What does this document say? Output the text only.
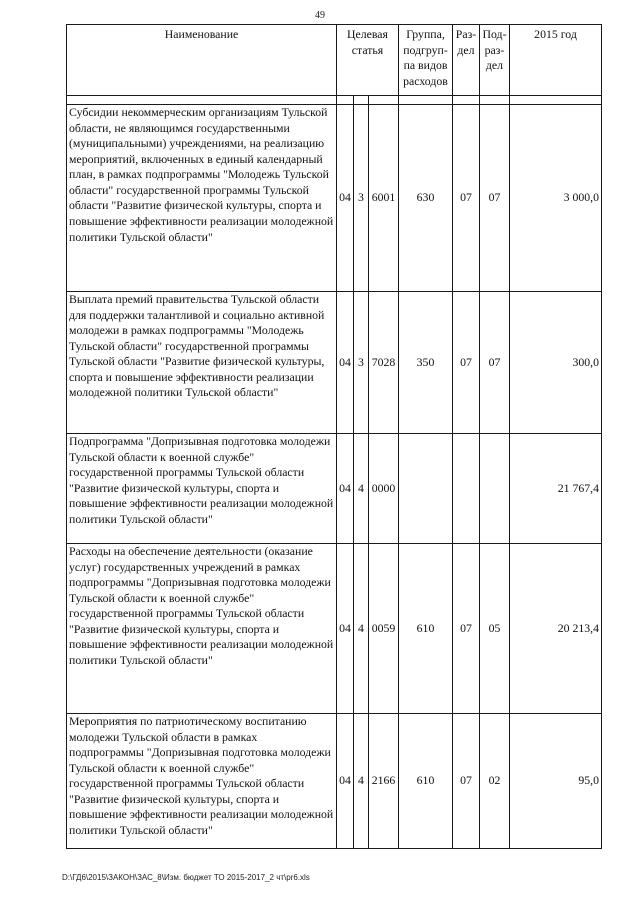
49
Наименование	Целевая статья			Группа, подгруп-па видов расходов	Раз-дел	Под-раз-дел	2015 год

Субсидии некоммерческим организациям Тульской области, не являющимся государственными (муниципальными) учреждениями, на реализацию мероприятий, включенных в единый календарный план, в рамках подпрограммы "Молодежь Тульской области" государственной программы Тульской области "Развитие физической культуры, спорта и повышение эффективности реализации молодежной политики Тульской области"	04	3	6001	630	07	07	3 000,0
Выплата премий правительства Тульской области для поддержки талантливой и социально активной молодежи в рамках подпрограммы "Молодежь Тульской области" государственной программы Тульской области "Развитие физической культуры, спорта и повышение эффективности реализации молодежной политики Тульской области"	04	3	7028	350	07	07	300,0
Подпрограмма "Допризывная подготовка молодежи Тульской области к военной службе" государственной программы Тульской области "Развитие физической культуры, спорта и повышение эффективности реализации молодежной политики Тульской области"	04	4	0000				21 767,4
Расходы на обеспечение деятельности (оказание услуг) государственных учреждений в рамках подпрограммы "Допризывная подготовка молодежи Тульской области к военной службе" государственной программы Тульской области "Развитие физической культуры, спорта и повышение эффективности реализации молодежной политики Тульской области"	04	4	0059	610	07	05	20 213,4
Мероприятия по патриотическому воспитанию молодежи Тульской области в рамках подпрограммы "Допризывная подготовка молодежи Тульской области к военной службе" государственной программы Тульской области "Развитие физической культуры, спорта и повышение эффективности реализации молодежной политики Тульской области"	04	4	2166	610	07	02	95,0
D:\ГД6\2015\ЗАКОН\ЗАС_8\Изм. бюджет ТО 2015-2017_2 чт\pr6.xls
